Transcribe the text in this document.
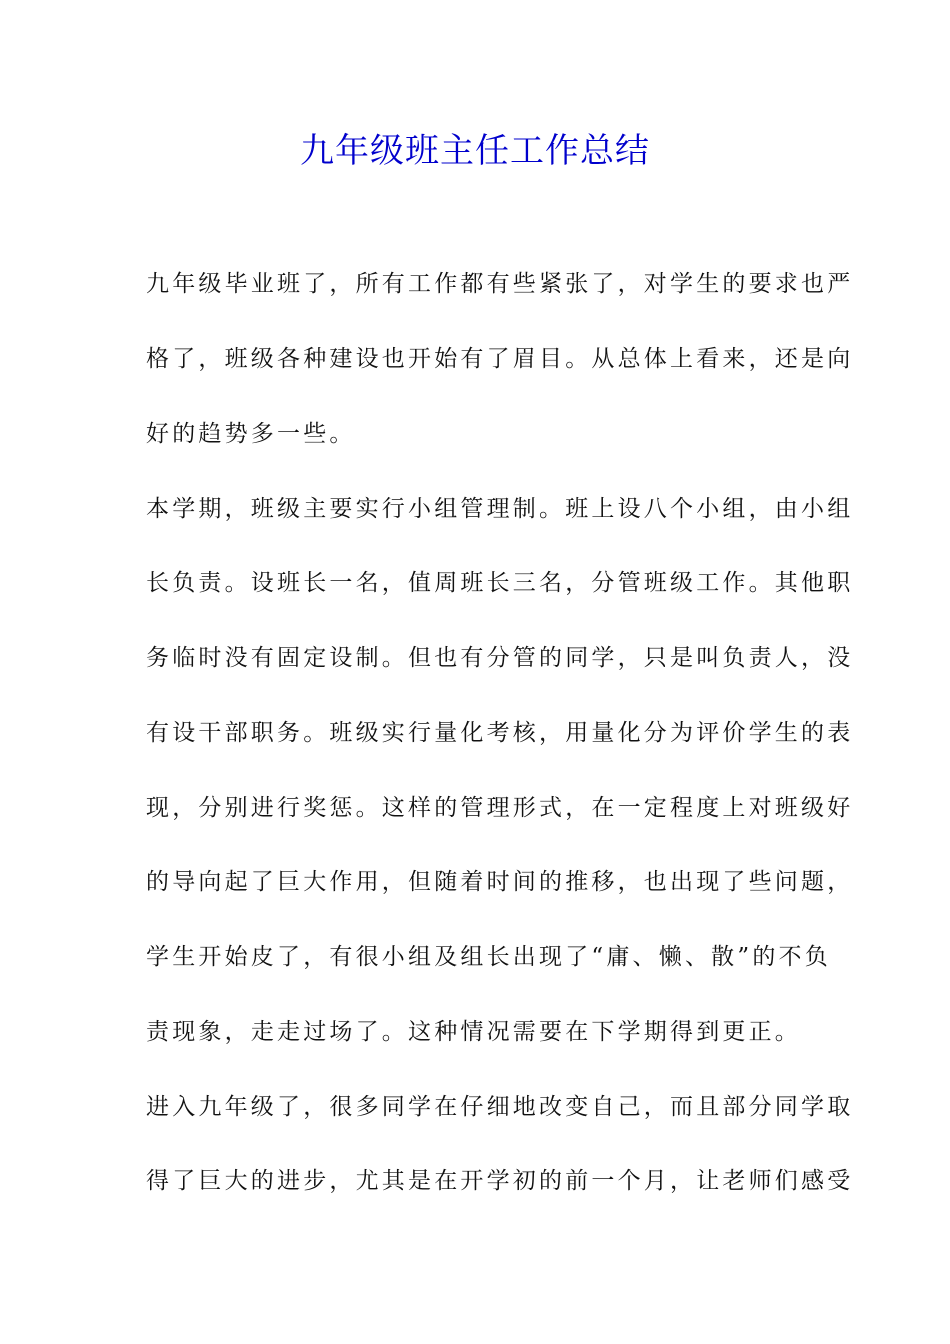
九年级班主任工作总结
九年级毕业班了，所有工作都有些紧张了，对学生的要求也严
格了，班级各种建设也开始有了眉目。从总体上看来，还是向
好的趋势多一些。
本学期，班级主要实行小组管理制。班上设八个小组，由小组
长负责。设班长一名，值周班长三名，分管班级工作。其他职
务临时没有固定设制。但也有分管的同学，只是叫负责人，没
有设干部职务。班级实行量化考核，用量化分为评价学生的表
现，分别进行奖惩。这样的管理形式，在一定程度上对班级好
的导向起了巨大作用，但随着时间的推移，也出现了些问题，
学生开始皮了，有很小组及组长出现了“庸、懒、散”的不负
责现象，走走过场了。这种情况需要在下学期得到更正。
进入九年级了，很多同学在仔细地改变自己，而且部分同学取
得了巨大的进步，尤其是在开学初的前一个月，让老师们感受
